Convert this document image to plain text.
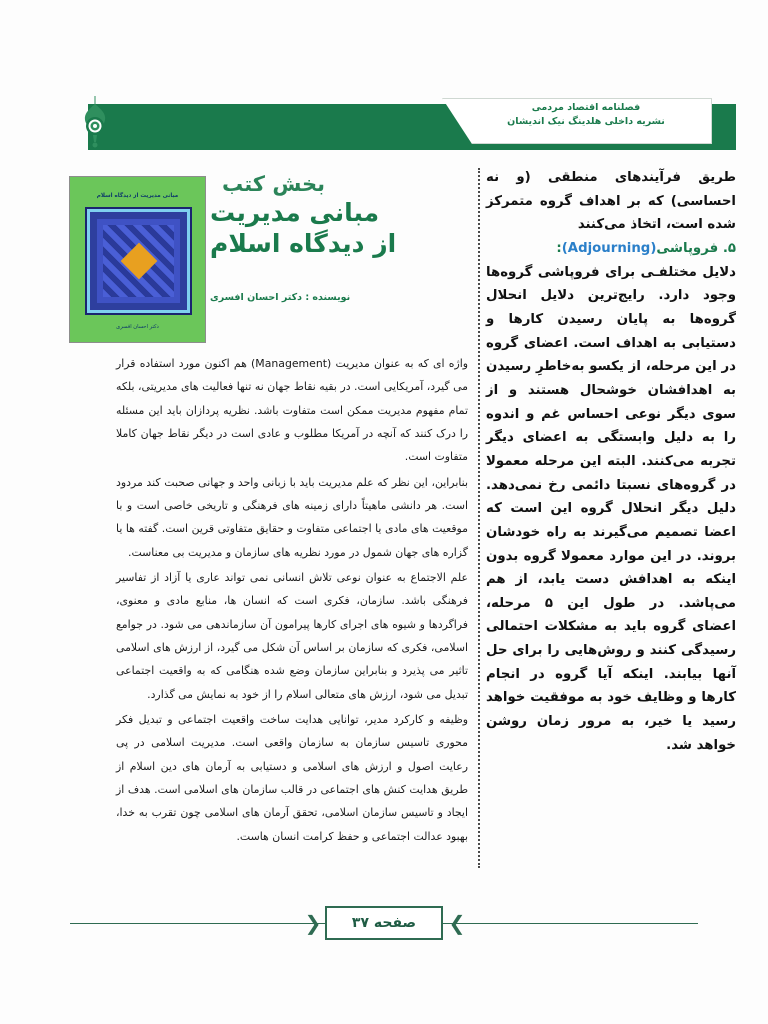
فصلنامه اقتصاد مردمی
نشریه داخلی هلدینگ نیک اندیشان
مبانی مدیریت از دیدگاه اسلام
دکتر احسان افسری
بخش کتب
مبانی مدیریت
از دیدگاه اسلام
نویسنده : دکتر احسان افسری

طریق فرآیندهای منطقی (و نه احساسی) که بر اهداف گروه متمرکز شده است، اتخاذ می‌کنند

۵. فروپاشی(Adjourning):

دلایل مختلفـی برای فروپاشی گروه‌ها وجود دارد. رایج‌ترین دلایل انحلال گروه‌ها به پایان رسیدن کارها و دستیابی به اهداف است. اعضای گروه در این مرحله، از یکسو به‌خاطرِ رسیدن به اهدافشان خوشحال هستند و از سوی دیگر نوعی احساس غم و اندوه را به دلیل وابستگی به اعضای دیگر تجربه می‌کنند. البته این مرحله معمولا در گروه‌های نسبتا دائمی رخ نمی‌دهد. دلیل دیگر انحلال گروه این است که اعضا تصمیم می‌گیرند به راه خودشان بروند. در این موارد معمولا گروه بدون اینکه به اهدافش دست یابد، از هم می‌پاشد. در طول این ۵ مرحله، اعضای گروه باید به مشکلات احتمالی رسیدگی کنند و روش‌هایی را برای حل آنها بیابند. اینکه آیا گروه در انجام کارها و وظایف خود به موفقیت خواهد رسید یا خیر، به مرور زمان روشن خواهد شد.

واژه ای که به عنوان مدیریت (Management) هم اکنون مورد استفاده قرار می گیرد، آمریکایی است. در بقیه نقاط جهان نه تنها فعالیت های مدیریتی، بلکه تمام مفهوم مدیریت ممکن است متفاوت باشد. نظریه پردازان باید این مسئله را درک کنند که آنچه در آمریکا مطلوب و عادی است در دیگر نقاط جهان کاملا متفاوت است.

بنابراین، این نظر که علم مدیریت باید با زبانی واحد و جهانی صحبت کند مردود است. هر دانشی ماهیتاً دارای زمینه های فرهنگی و تاریخی خاصی است و با موقعیت های مادی یا اجتماعی متفاوت و حقایق متفاوتی قرین است. گفته ها یا گزاره های جهان شمول در مورد نظریه های سازمان و مدیریت بی معناست.

علم الاجتماع به عنوان نوعی تلاش انسانی نمی تواند عاری یا آزاد از تفاسیر فرهنگی باشد. سازمان، فکری است که انسان ها، منابع مادی و معنوی، فراگردها و شیوه های اجرای کارها پیرامون آن سازماندهی می شود. در جوامع اسلامی، فکری که سازمان بر اساس آن شکل می گیرد، از ارزش های اسلامی تاثیر می پذیرد و بنابراین سازمان وضع شده هنگامی که به واقعیت اجتماعی تبدیل می شود، ارزش های متعالی اسلام را از خود به نمایش می گذارد.

وظیفه و کارکرد مدیر، توانایی هدایت ساخت واقعیت اجتماعی و تبدیل فکر محوری تاسیس سازمان به سازمان واقعی است. مدیریت اسلامی در پی رعایت اصول و ارزش های اسلامی و دستیابی به آرمان های دین اسلام از طریق هدایت کنش های اجتماعی در قالب سازمان های اسلامی است. هدف از ایجاد و تاسیس سازمان اسلامی، تحقق آرمان های اسلامی چون تقرب به خدا، بهبود عدالت اجتماعی و حفظ کرامت انسان هاست.

❮	❯
صفحه ۳۷
